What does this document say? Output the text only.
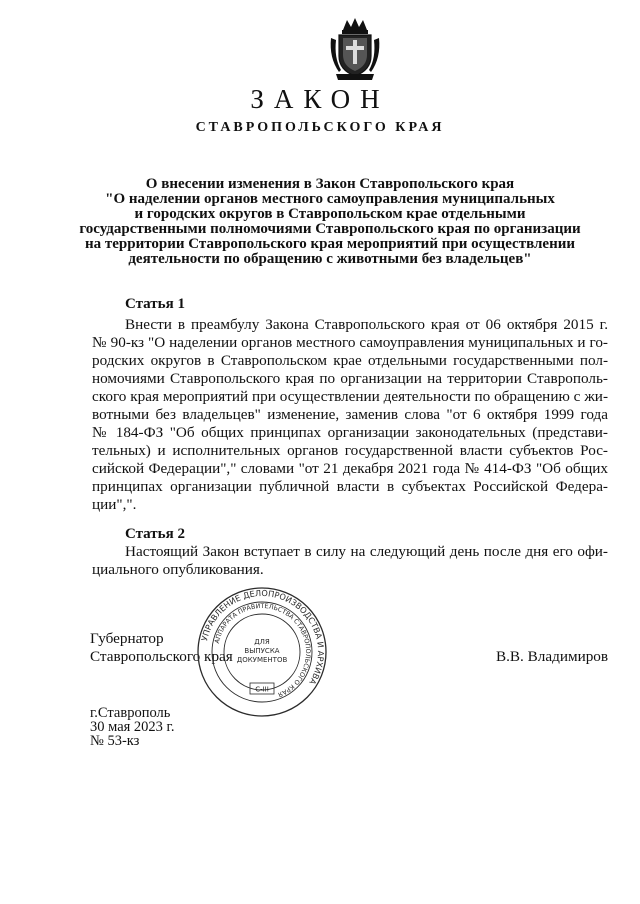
ЗАКОН
СТАВРОПОЛЬСКОГО КРАЯ
О внесении изменения в Закон Ставропольского края
"О наделении органов местного самоуправления муниципальных
и городских округов в Ставропольском крае отдельными
государственными полномочиями Ставропольского края по организации
на территории Ставропольского края мероприятий при осуществлении
деятельности по обращению с животными без владельцев"
Статья 1
Внести в преамбулу Закона Ставропольского края от 06 октября 2015 г.
№ 90-кз "О наделении органов местного самоуправления муниципальных и го-
родских округов в Ставропольском крае отдельными государственными пол-
номочиями Ставропольского края по организации на территории Ставрополь-
ского края мероприятий при осуществлении деятельности по обращению с жи-
вотными без владельцев" изменение, заменив слова "от 6 октября 1999 года
№ 184-ФЗ "Об общих принципах организации законодательных (представи-
тельных) и исполнительных органов государственной власти субъектов Рос-
сийской Федерации"," словами "от 21 декабря 2021 года № 414-ФЗ "Об общих
принципах организации публичной власти в субъектах Российской Федера-
ции",".
Статья 2
Настоящий Закон вступает в силу на следующий день после дня его офи-
циального опубликования.
Губернатор
Ставропольского края	В.В. Владимиров
УПРАВЛЕНИЕ ДЕЛОПРОИЗВОДСТВА И АРХИВА
АППАРАТА ПРАВИТЕЛЬСТВА СТАВРОПОЛЬСКОГО КРАЯ
ДЛЯ
ВЫПУСКА
ДОКУМЕНТОВ
С-III
г.Ставрополь
30 мая 2023 г.
№ 53-кз
